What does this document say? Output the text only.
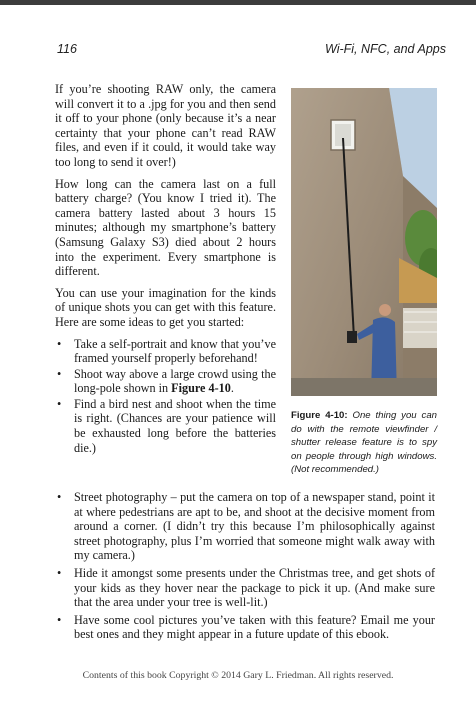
116	Wi-Fi, NFC, and Apps

If you’re shooting RAW only, the camera will convert it to a .jpg for you and then send it off to your phone (only because it’s a near certainty that your phone can’t read RAW files, and even if it could, it would take way too long to send it over!)

How long can the camera last on a full battery charge? (You know I tried it). The camera battery lasted about 3 hours 15 minutes; although my smartphone’s battery (Samsung Galaxy S3) died about 2 hours into the experiment. Every smartphone is different.

You can use your imagination for the kinds of unique shots you can get with this feature. Here are some ideas to get you started:

• Take a self-portrait and know that you’ve framed yourself properly beforehand!
• Shoot way above a large crowd using the long-pole shown in Figure 4-10.
• Find a bird nest and shoot when the time is right. (Chances are your patience will be exhausted long before the batteries die.)
Figure 4-10: One thing you can do with the remote viewfinder / shutter release feature is to spy on people through high windows. (Not recommended.)
• Street photography – put the camera on top of a newspaper stand, point it at where pedestrians are apt to be, and shoot at the decisive moment from around a corner. (I didn’t try this because I’m philosophically against street photography, plus I’m worried that someone might walk away with my camera.)
• Hide it amongst some presents under the Christmas tree, and get shots of your kids as they hover near the package to pick it up. (And make sure that the area under your tree is well-lit.)
• Have some cool pictures you’ve taken with this feature? Email me your best ones and they might appear in a future update of this ebook.
Contents of this book Copyright © 2014 Gary L. Friedman. All rights reserved.
